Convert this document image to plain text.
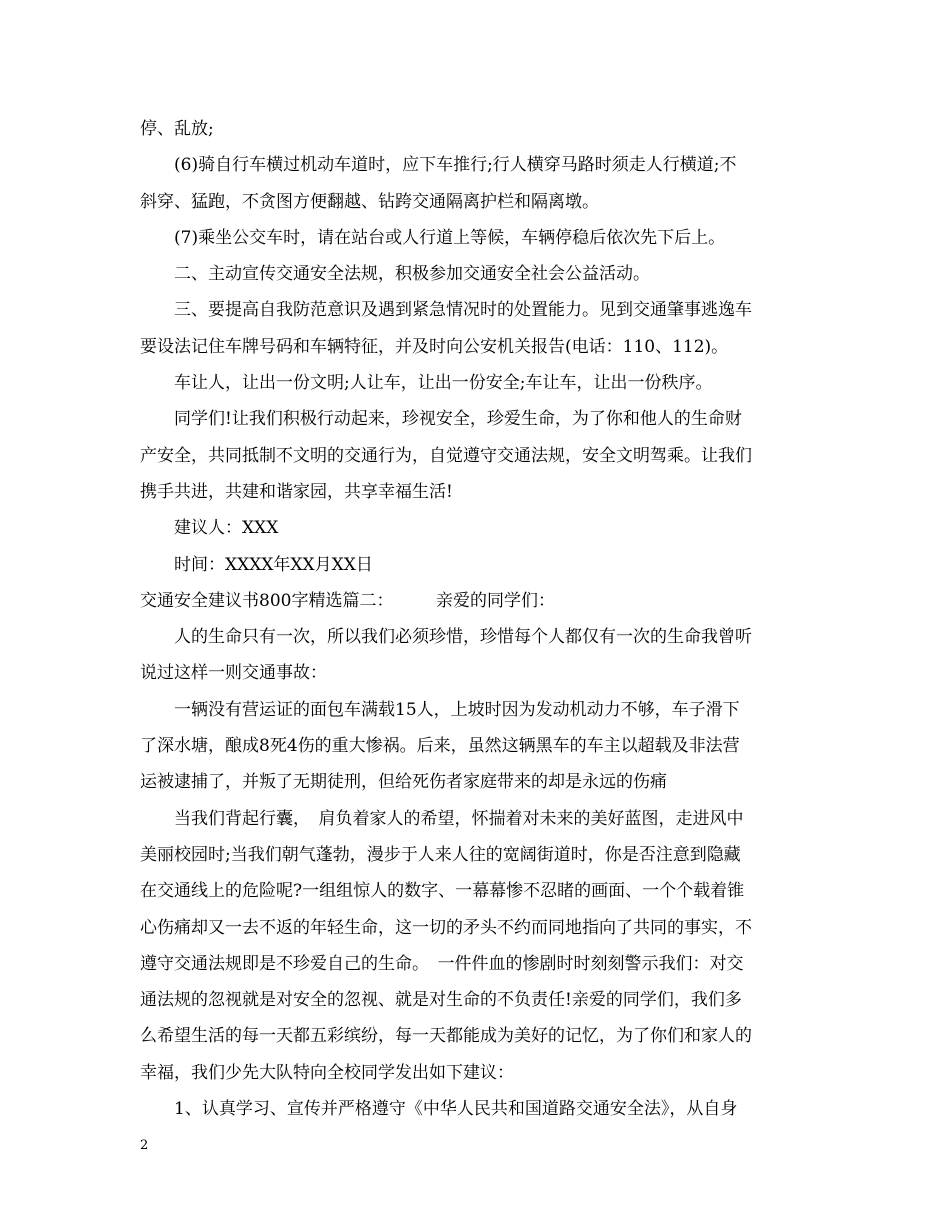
停、乱放;
(6)骑自行车横过机动车道时，应下车推行;行人横穿马路时须走人行横道;不
斜穿、猛跑，不贪图方便翻越、钻跨交通隔离护栏和隔离墩。
(7)乘坐公交车时，请在站台或人行道上等候，车辆停稳后依次先下后上。
二、主动宣传交通安全法规，积极参加交通安全社会公益活动。
三、要提高自我防范意识及遇到紧急情况时的处置能力。见到交通肇事逃逸车
要设法记住车牌号码和车辆特征，并及时向公安机关报告(电话：110、112)。
车让人，让出一份文明;人让车，让出一份安全;车让车，让出一份秩序。
同学们!让我们积极行动起来，珍视安全，珍爱生命，为了你和他人的生命财
产安全，共同抵制不文明的交通行为，自觉遵守交通法规，安全文明驾乘。让我们
携手共进，共建和谐家园，共享幸福生活!
建议人：XXX
时间：XXXX年XX月XX日
交通安全建议书800字精选篇二：　　　亲爱的同学们：
人的生命只有一次，所以我们必须珍惜，珍惜每个人都仅有一次的生命我曾听
说过这样一则交通事故：
一辆没有营运证的面包车满载15人，上坡时因为发动机动力不够，车子滑下
了深水塘，酿成8死4伤的重大惨祸。后来，虽然这辆黑车的车主以超载及非法营
运被逮捕了，并叛了无期徒刑，但给死伤者家庭带来的却是永远的伤痛
当我们背起行囊，　肩负着家人的希望，怀揣着对未来的美好蓝图，走进风中
美丽校园时;当我们朝气蓬勃，漫步于人来人往的宽阔街道时，你是否注意到隐藏
在交通线上的危险呢?一组组惊人的数字、一幕幕惨不忍睹的画面、一个个载着锥
心伤痛却又一去不返的年轻生命，这一切的矛头不约而同地指向了共同的事实，不
遵守交通法规即是不珍爱自己的生命。　一件件血的惨剧时时刻刻警示我们：对交
通法规的忽视就是对安全的忽视、就是对生命的不负责任!亲爱的同学们，我们多
么希望生活的每一天都五彩缤纷，每一天都能成为美好的记忆，为了你们和家人的
幸福，我们少先大队特向全校同学发出如下建议：
1、认真学习、宣传并严格遵守《中华人民共和国道路交通安全法》，从自身
2
